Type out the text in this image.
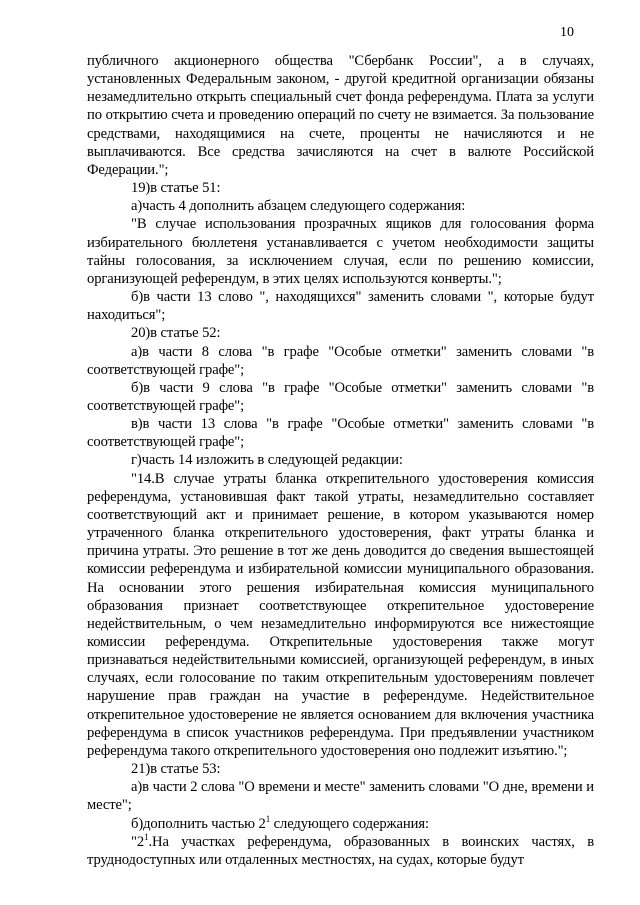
10

публичного акционерного общества "Сбербанк России", а в случаях, установленных Федеральным законом, - другой кредитной организации обязаны незамедлительно открыть специальный счет фонда референдума. Плата за услуги по открытию счета и проведению операций по счету не взимается. За пользование средствами, находящимися на счете, проценты не начисляются и не выплачиваются. Все средства зачисляются на счет в валюте Российской Федерации.";

19)в статье 51:

а)часть 4 дополнить абзацем следующего содержания:

"В случае использования прозрачных ящиков для голосования форма избирательного бюллетеня устанавливается с учетом необходимости защиты тайны голосования, за исключением случая, если по решению комиссии, организующей референдум, в этих целях используются конверты.";

б)в части 13 слово ", находящихся" заменить словами ", которые будут находиться";

20)в статье 52:

а)в части 8 слова "в графе "Особые отметки" заменить словами "в соответствующей графе";

б)в части 9 слова "в графе "Особые отметки" заменить словами "в соответствующей графе";

в)в части 13 слова "в графе "Особые отметки" заменить словами "в соответствующей графе";

г)часть 14 изложить в следующей редакции:

"14.В случае утраты бланка открепительного удостоверения комиссия референдума, установившая факт такой утраты, незамедлительно составляет соответствующий акт и принимает решение, в котором указываются номер утраченного бланка открепительного удостоверения, факт утраты бланка и причина утраты. Это решение в тот же день доводится до сведения вышестоящей комиссии референдума и избирательной комиссии муниципального образования. На основании этого решения избирательная комиссия муниципального образования признает соответствующее открепительное удостоверение недействительным, о чем незамедлительно информируются все нижестоящие комиссии референдума. Открепительные удостоверения также могут признаваться недействительными комиссией, организующей референдум, в иных случаях, если голосование по таким открепительным удостоверениям повлечет нарушение прав граждан на участие в референдуме. Недействительное открепительное удостоверение не является основанием для включения участника референдума в список участников референдума. При предъявлении участником референдума такого открепительного удостоверения оно подлежит изъятию.";

21)в статье 53:

а)в части 2 слова "О времени и месте" заменить словами "О дне, времени и месте";

б)дополнить частью $2^1$ следующего содержания:

"$2^1.На$ участках референдума, образованных в воинских частях, в труднодоступных или отдаленных местностях, на судах, которые будут
